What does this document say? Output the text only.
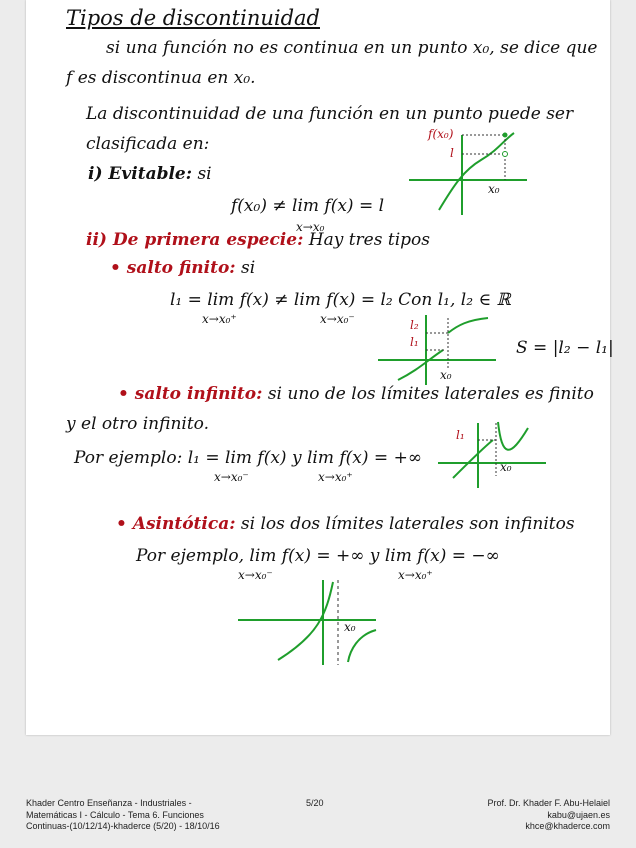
Tipos de discontinuidad
si una función no es continua en un punto x₀, se dice que
f es discontinua en x₀.
La discontinuidad de una función en un punto puede ser
clasificada en:
i) Evitable: si
f(x₀) ≠ lim f(x) = l
x→x₀
f(x₀)
l
x₀
ii) De primera especie: Hay tres tipos
• salto finito: si
l₁ = lim f(x) ≠ lim f(x) = l₂ Con l₁, l₂ ∈ ℝ
x→x₀⁺	x→x₀⁻	l₂
l₁
x₀
S = |l₂ − l₁|
• salto infinito: si uno de los límites laterales es finito
y el otro infinito.
Por ejemplo: l₁ = lim f(x) y lim f(x) = +∞
x→x₀⁻	x→x₀⁺
l₁
x₀
• Asintótica: si los dos límites laterales son infinitos
Por ejemplo, lim f(x) = +∞ y lim f(x) = −∞
x→x₀⁻	x→x₀⁺
x₀
Khader Centro Enseñanza - Industriales -
Matemáticas I - Cálculo - Tema 6. Funciones
Continuas-(10/12/14)-khaderce (5/20) - 18/10/16
5/20	Prof. Dr. Khader F. Abu-Helaiel
kabu@ujaen.es
khce@khaderce.com
